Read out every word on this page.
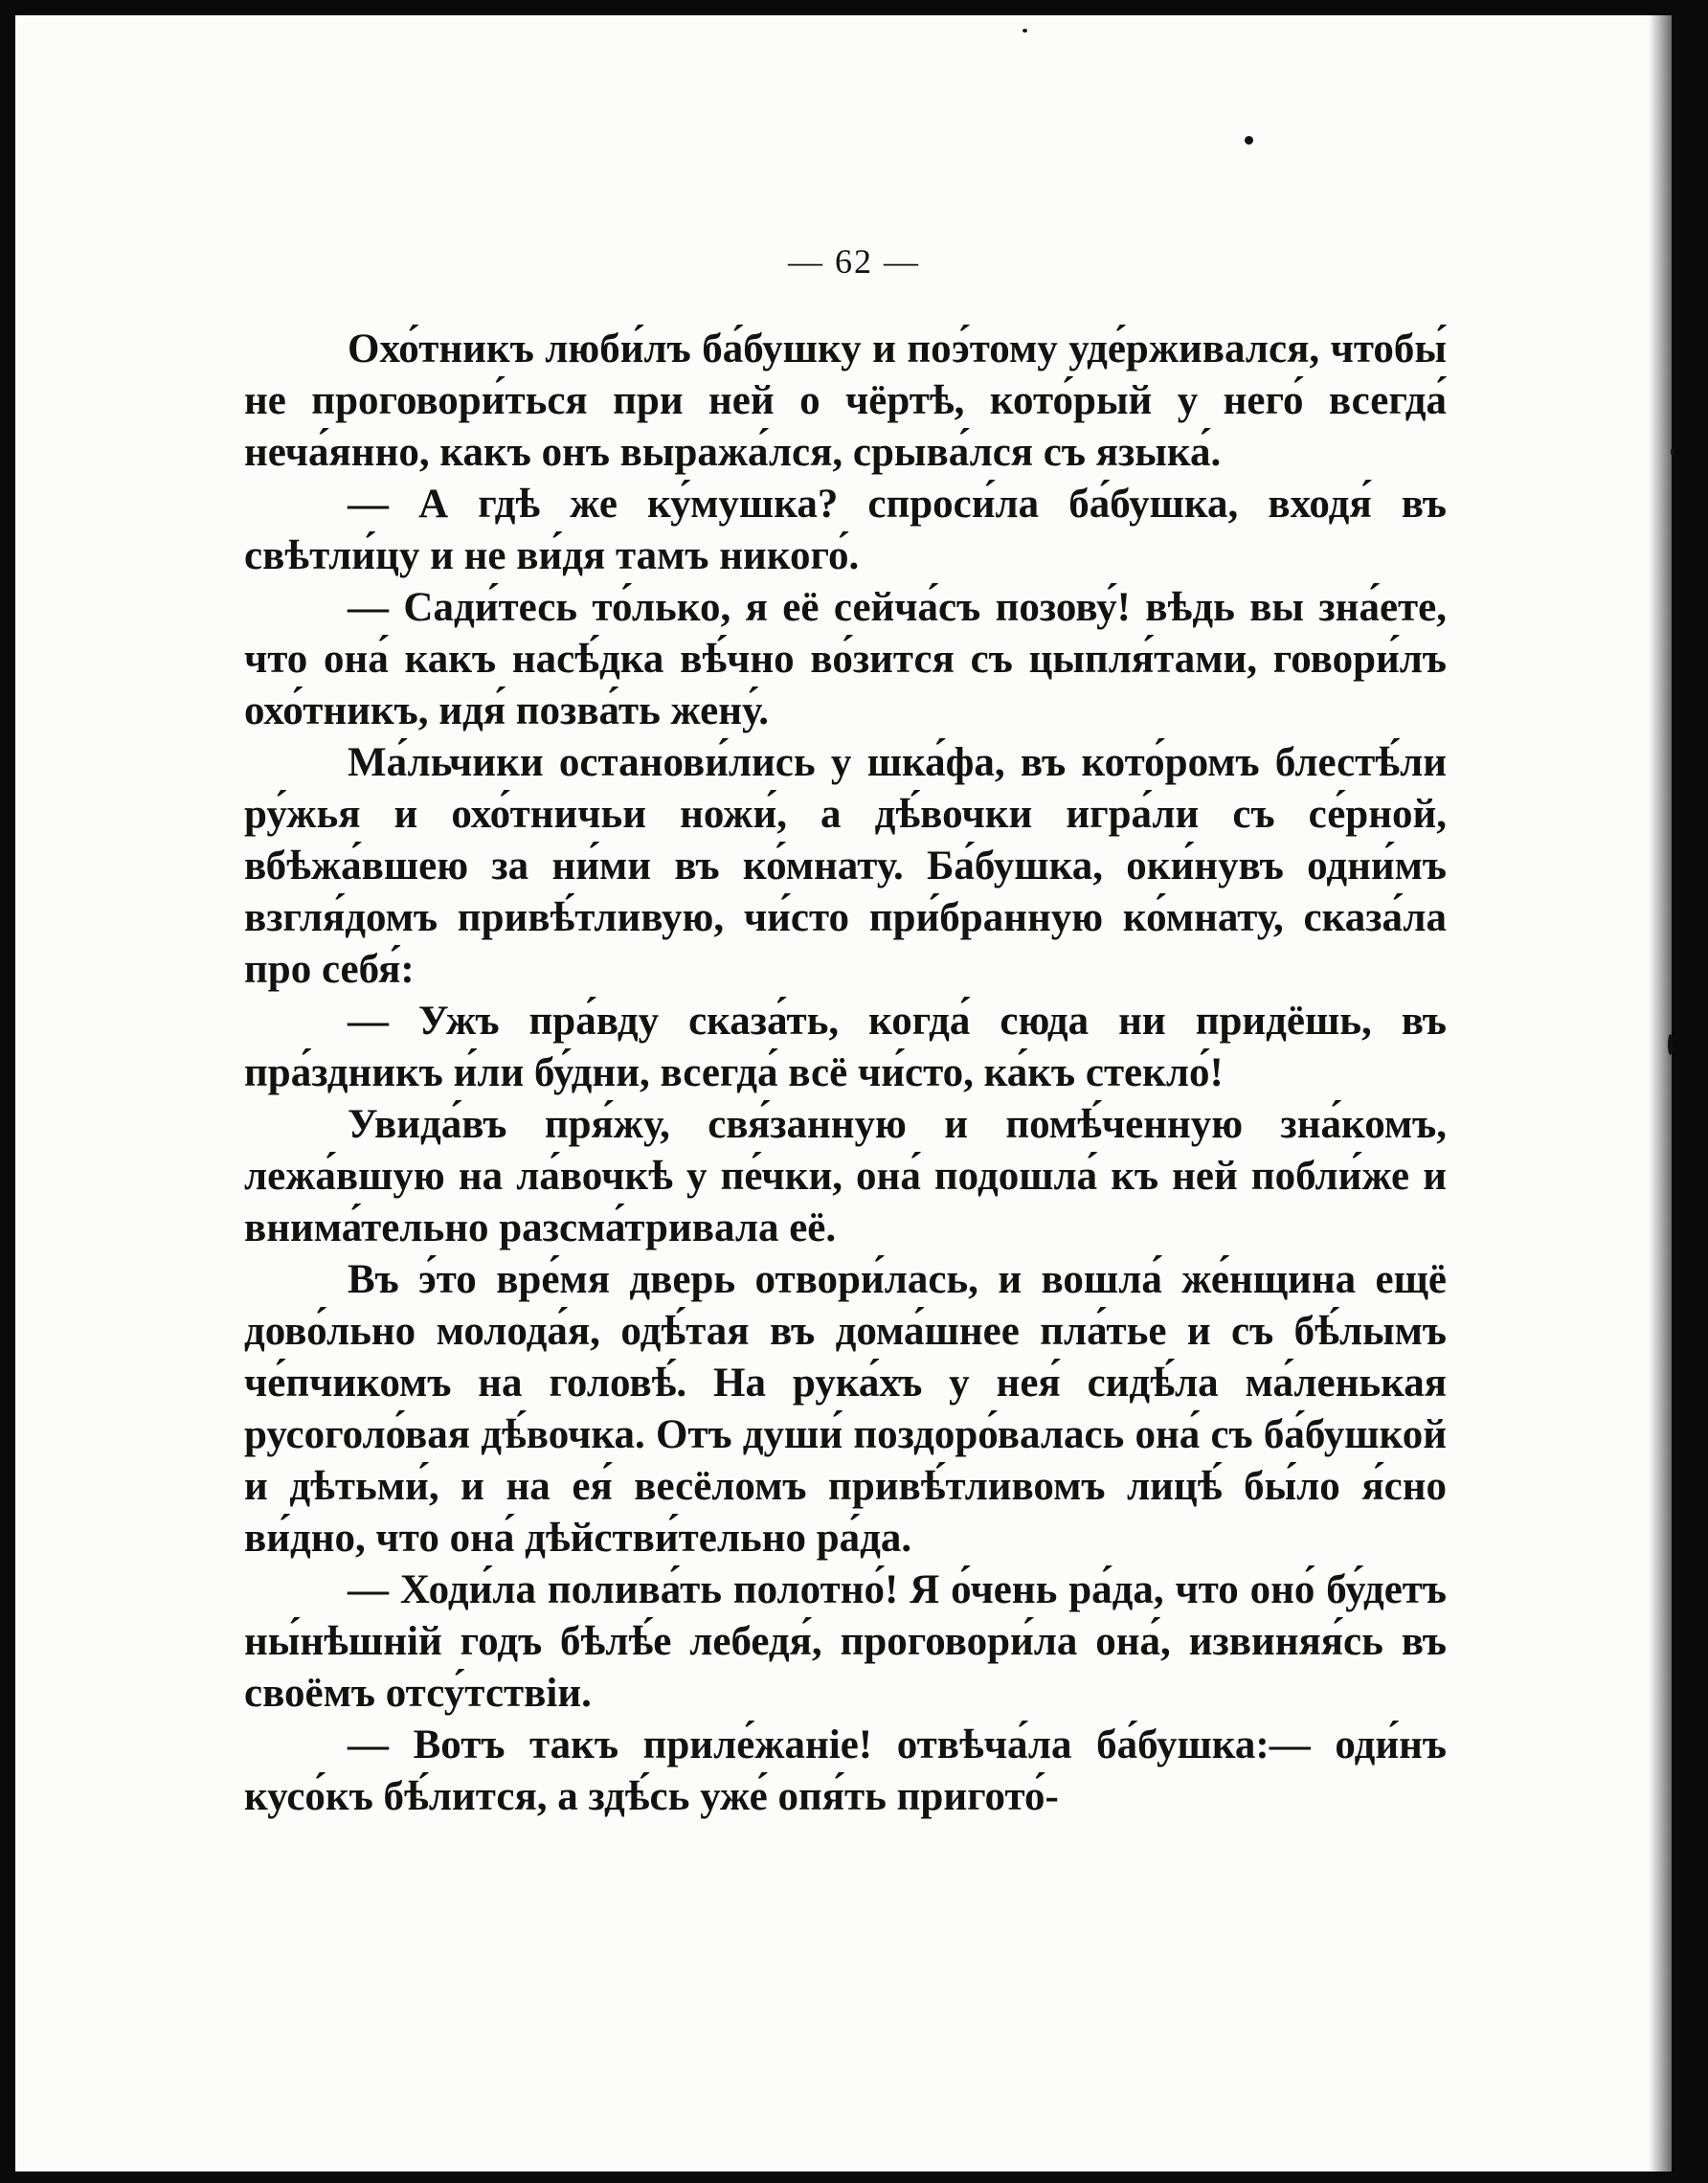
— 62 —

Охо́тникъ люби́лъ ба́бушку и поэ́тому уде́рживался, чтобы́ не проговори́ться при ней о чёртѣ, кото́рый у него́ всегда́ неча́янно, какъ онъ выража́лся, срыва́лся съ языка́.

— А гдѣ же ку́мушка? спроси́ла ба́бушка, входя́ въ свѣтли́цу и не ви́дя тамъ никого́.

— Сади́тесь то́лько, я её сейча́съ позову́! вѣдь вы зна́ете, что она́ какъ насѣ́дка вѣ́чно во́зится съ цыпля́тами, говори́лъ охо́тникъ, идя́ позва́ть жену́.

Ма́льчики останови́лись у шка́фа, въ кото́ромъ блестѣ́ли ру́жья и охо́тничьи ножи́, а дѣ́вочки игра́ли съ се́рной, вбѣжа́вшею за ни́ми въ ко́мнату. Ба́бушка, оки́нувъ одни́мъ взгля́домъ привѣ́тливую, чи́сто при́бранную ко́мнату, сказа́ла про себя́:

— Ужъ пра́вду сказа́ть, когда́ сюда ни придёшь, въ пра́здникъ и́ли бу́дни, всегда́ всё чи́сто, ка́къ стекло́!

Увида́въ пря́жу, свя́занную и помѣ́ченную зна́комъ, лежа́вшую на ла́вочкѣ у пе́чки, она́ подошла́ къ ней побли́же и внима́тельно разсма́тривала её.

Въ э́то вре́мя дверь отвори́лась, и вошла́ же́нщина ещё дово́льно молода́я, одѣ́тая въ дома́шнее пла́тье и съ бѣ́лымъ че́пчикомъ на головѣ́. На рука́хъ у нея́ сидѣ́ла ма́ленькая русоголо́вая дѣ́вочка. Отъ души́ поздоро́валась она́ съ ба́бушкой и дѣтьми́, и на ея́ весёломъ привѣ́тливомъ лицѣ́ бы́ло я́сно ви́дно, что она́ дѣйстви́тельно ра́да.

— Ходи́ла полива́ть полотно́! Я о́чень ра́да, что оно́ бу́детъ ны́нѣшній годъ бѣлѣ́е лебедя́, проговори́ла она́, извиняя́сь въ своёмъ отсу́тствіи.

— Вотъ такъ приле́жаніе! отвѣча́ла ба́бушка:— оди́нъ кусо́къ бѣ́лится, а здѣ́сь уже́ опя́ть пригото́-
